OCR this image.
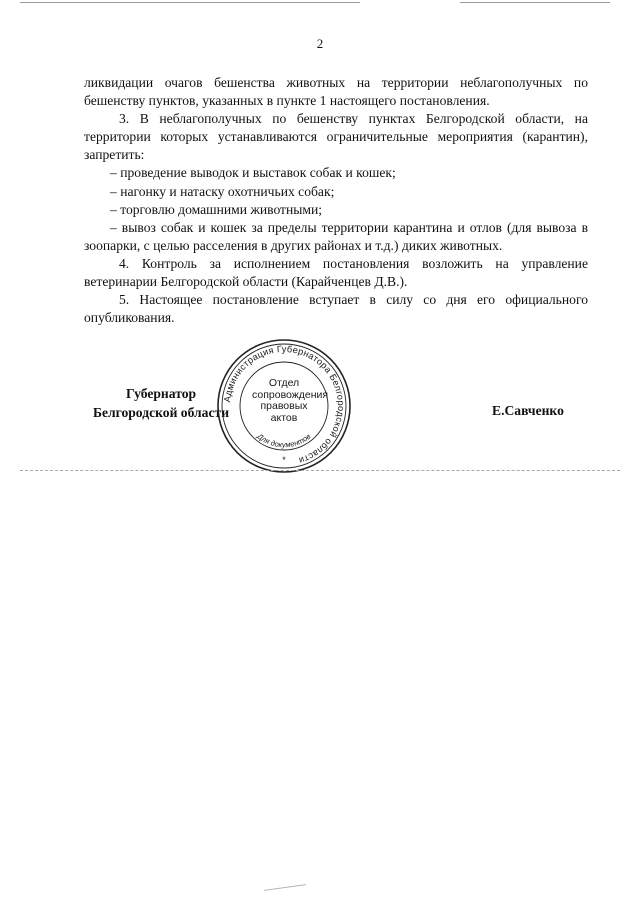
2

ликвидации очагов бешенства животных на территории неблагополучных по бешенству пунктов, указанных в пункте 1 настоящего постановления.

3. В неблагополучных по бешенству пунктах Белгородской области, на территории которых устанавливаются ограничительные мероприятия (карантин), запретить:

– проведение выводок и выставок собак и кошек;

– нагонку и натаску охотничьих собак;

– торговлю домашними животными;

– вывоз собак и кошек за пределы территории карантина и отлов (для вывоза в зоопарки, с целью расселения в других районах и т.д.) диких животных.

4. Контроль за исполнением постановления возложить на управление ветеринарии Белгородской области (Карайченцев Д.В.).

5. Настоящее постановление вступает в силу со дня его официального опубликования.

Губернатор
Белгородской области
Администрация Губернатора Белгородской области
Для документов
*
Отдел
сопровождения
правовых
актов	Е.Савченко
